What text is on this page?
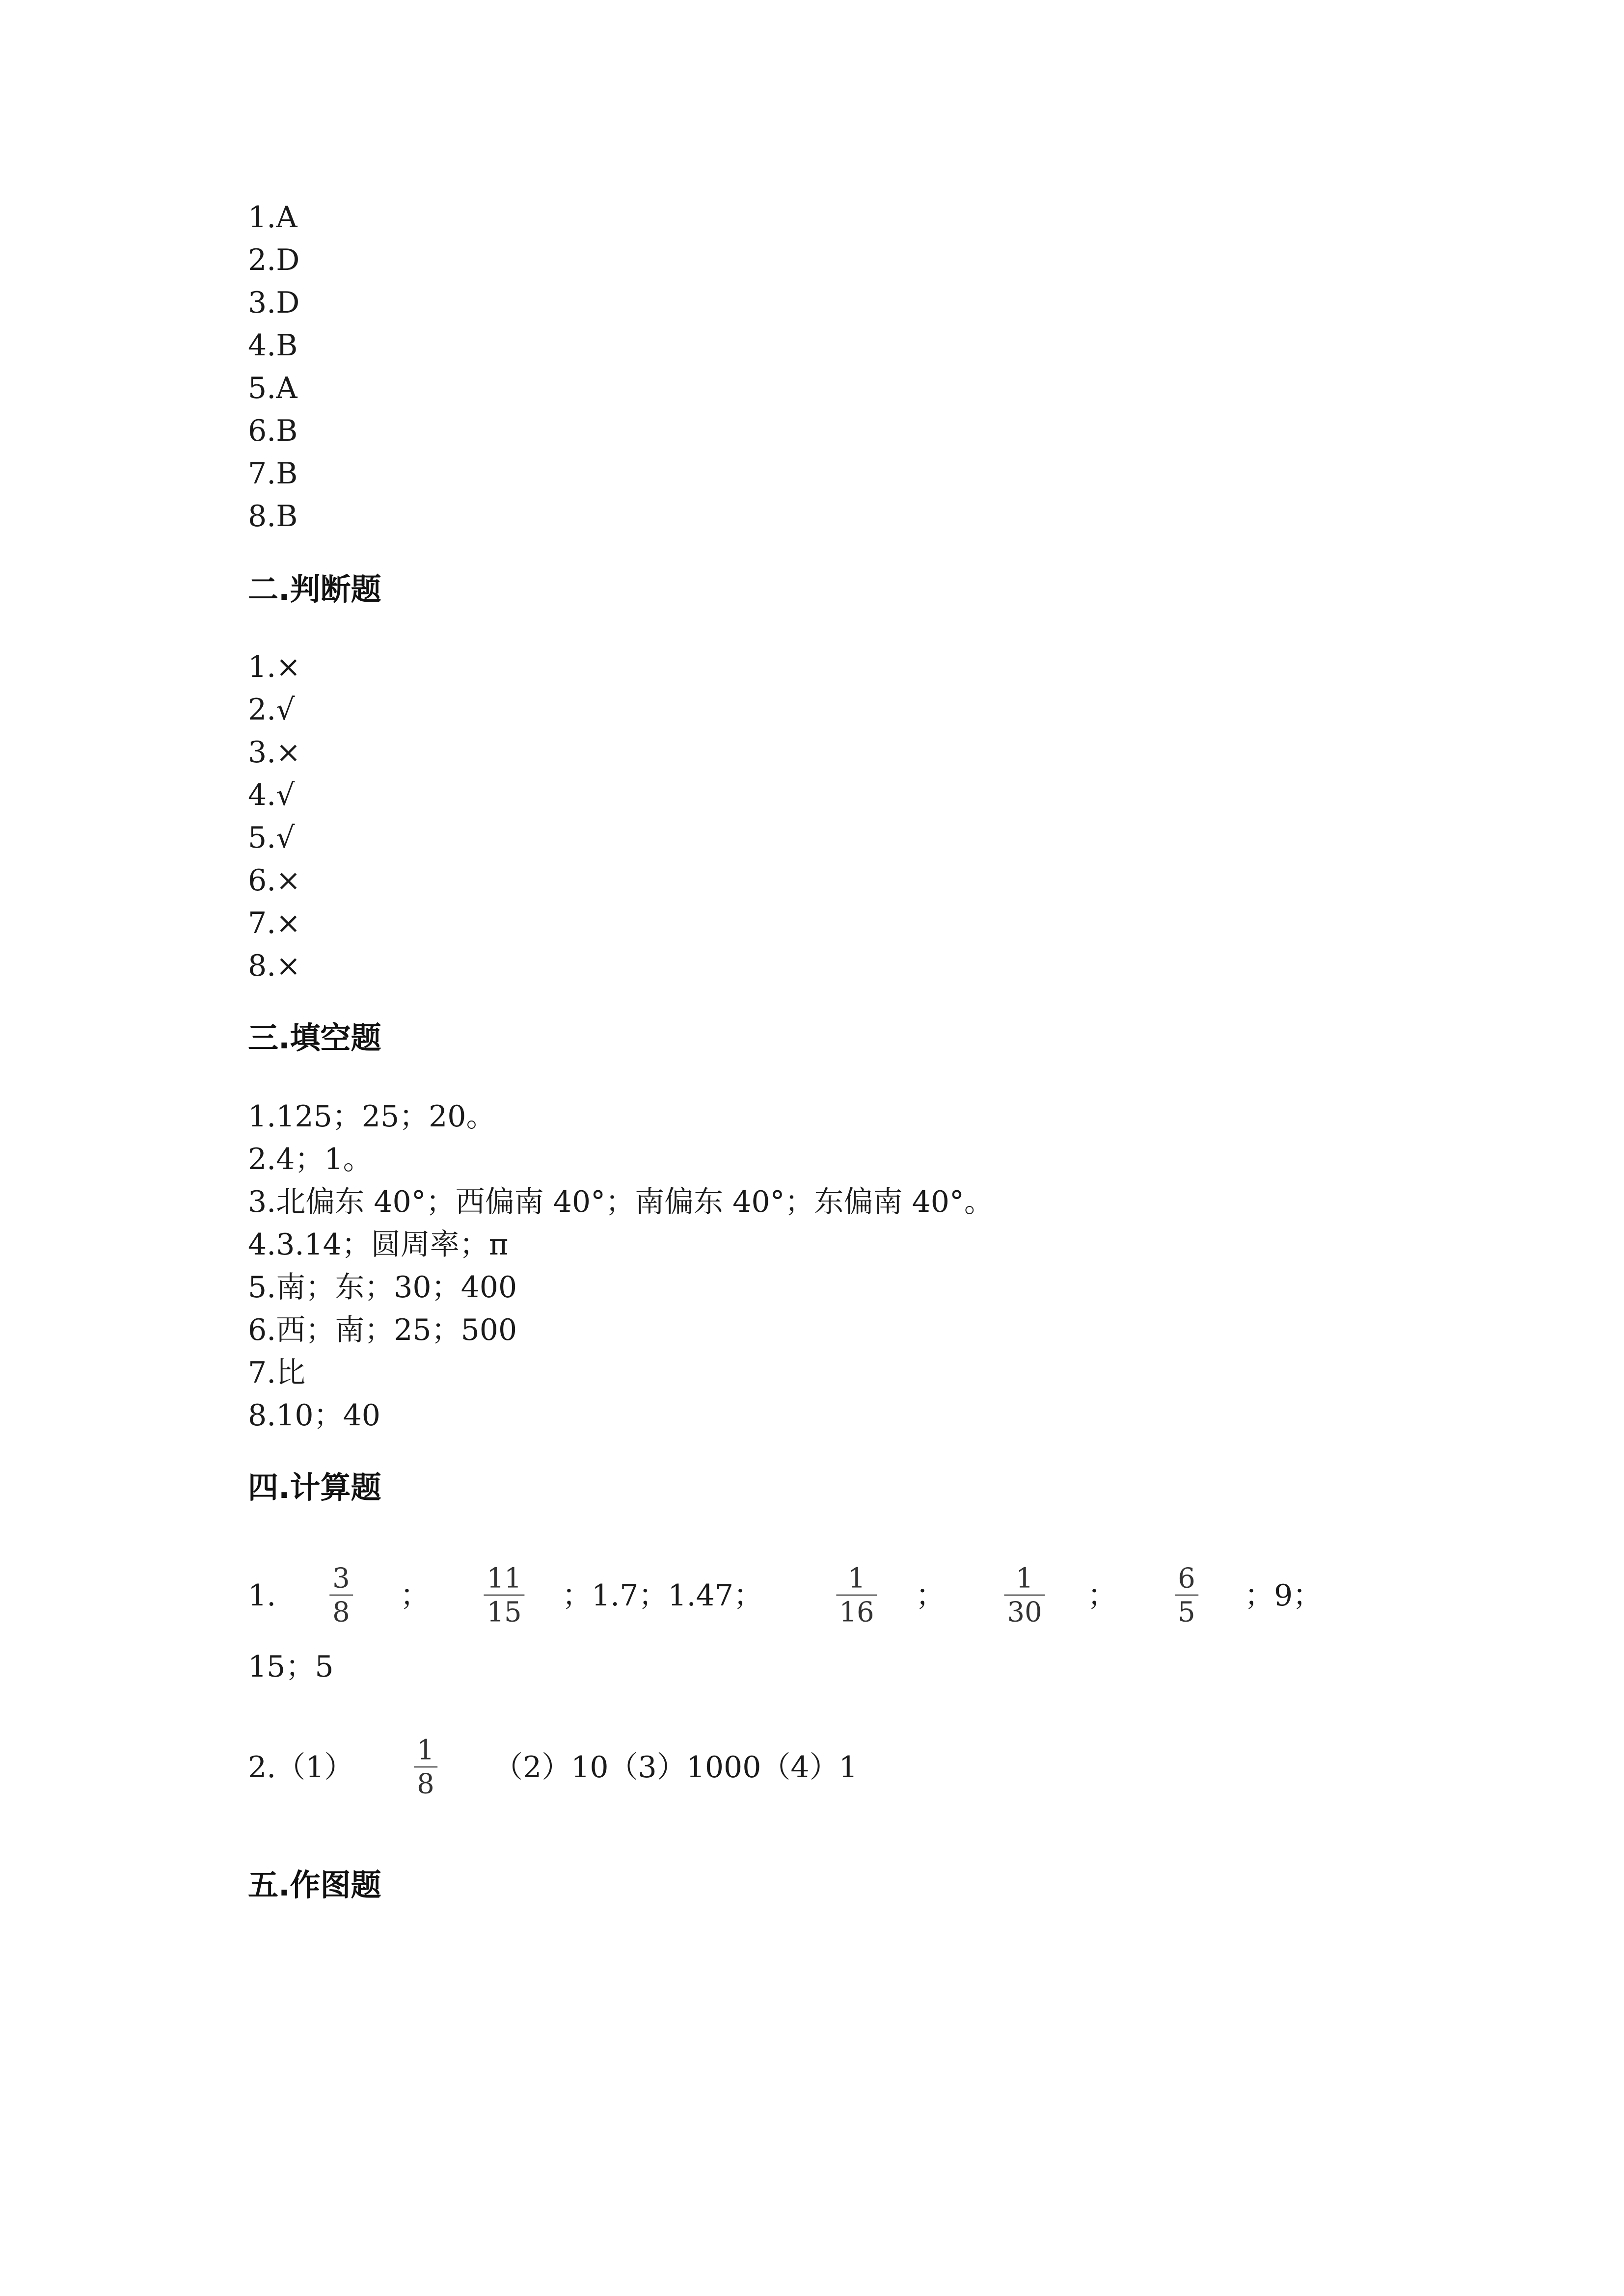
1.A
2.D
3.D
4.B
5.A
6.B
7.B
8.B
二.判断题
1.×
2.√
3.×
4.√
5.√
6.×
7.×
8.×
三.填空题
1.125；25；20。
2.4；1。
3.北偏东 40°；西偏南 40°；南偏东 40°；东偏南 40°。
4.3.14；圆周率；π
5.南；东；30；400
6.西；南；25；500
7.比
8.10；40
四.计算题
1. 3
8 ； 11
15 ；1.7；1.47；	1
16 ；	1
30 ； 6
5 ；9；
15；5
2.（1） 1
8 （2）10（3）1000（4）1
五.作图题
